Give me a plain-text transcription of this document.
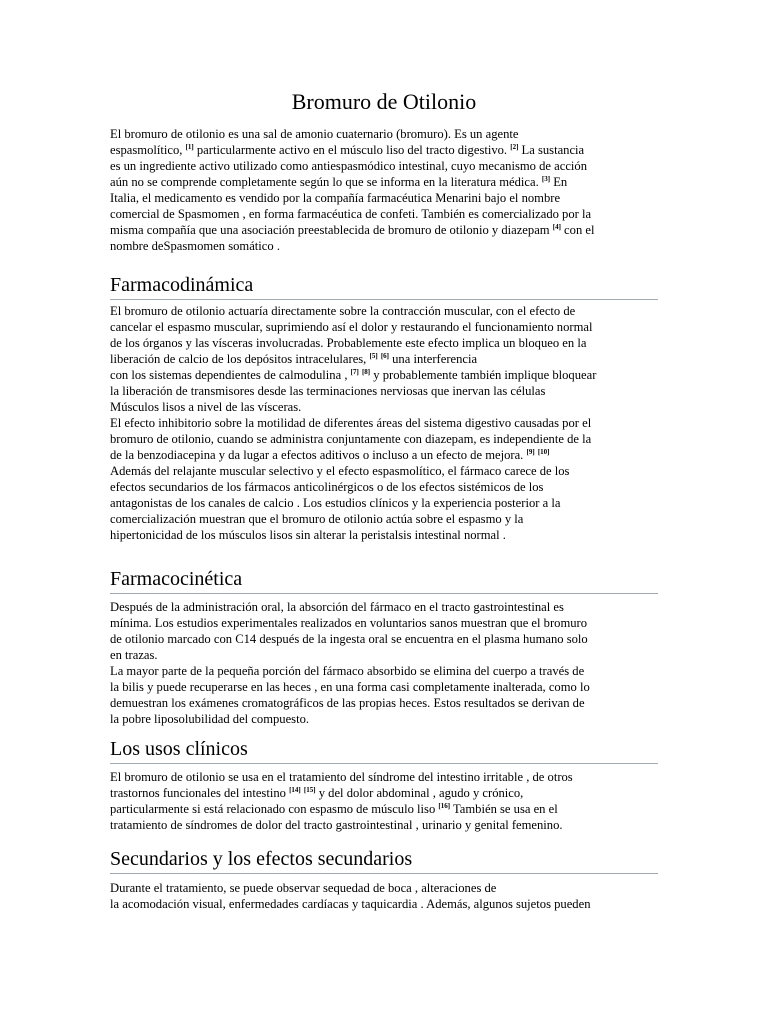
Bromuro de Otilonio

El bromuro de otilonio es una sal de amonio cuaternario (bromuro). Es un agente
espasmolítico, [1] particularmente activo en el músculo liso del tracto digestivo. [2] La sustancia
es un ingrediente activo utilizado como antiespasmódico intestinal, cuyo mecanismo de acción
aún no se comprende completamente según lo que se informa en la literatura médica. [3] En
Italia, el medicamento es vendido por la compañía farmacéutica Menarini bajo el nombre
comercial de Spasmomen , en forma farmacéutica de confeti. También es comercializado por la
misma compañía que una asociación preestablecida de bromuro de otilonio y diazepam [4] con el
nombre deSpasmomen somático .

Farmacodinámica

El bromuro de otilonio actuaría directamente sobre la contracción muscular, con el efecto de
cancelar el espasmo muscular, suprimiendo así el dolor y restaurando el funcionamiento normal
de los órganos y las vísceras involucradas. Probablemente este efecto implica un bloqueo en la
liberación de calcio de los depósitos intracelulares, [5] [6] una interferencia
con los sistemas dependientes de calmodulina , [7] [8] y probablemente también implique bloquear
la liberación de transmisores desde las terminaciones nerviosas que inervan las células
Músculos lisos a nivel de las vísceras.
El efecto inhibitorio sobre la motilidad de diferentes áreas del sistema digestivo causadas por el
bromuro de otilonio, cuando se administra conjuntamente con diazepam, es independiente de la
de la benzodiacepina y da lugar a efectos aditivos o incluso a un efecto de mejora. [9] [10]
Además del relajante muscular selectivo y el efecto espasmolítico, el fármaco carece de los
efectos secundarios de los fármacos anticolinérgicos o de los efectos sistémicos de los
antagonistas de los canales de calcio . Los estudios clínicos y la experiencia posterior a la
comercialización muestran que el bromuro de otilonio actúa sobre el espasmo y la
hipertonicidad de los músculos lisos sin alterar la peristalsis intestinal normal .

Farmacocinética

Después de la administración oral, la absorción del fármaco en el tracto gastrointestinal es
mínima. Los estudios experimentales realizados en voluntarios sanos muestran que el bromuro
de otilonio marcado con C14 después de la ingesta oral se encuentra en el plasma humano solo
en trazas.
La mayor parte de la pequeña porción del fármaco absorbido se elimina del cuerpo a través de
la bilis y puede recuperarse en las heces , en una forma casi completamente inalterada, como lo
demuestran los exámenes cromatográficos de las propias heces. Estos resultados se derivan de
la pobre liposolubilidad del compuesto.

Los usos clínicos

El bromuro de otilonio se usa en el tratamiento del síndrome del intestino irritable , de otros
trastornos funcionales del intestino [14] [15] y del dolor abdominal , agudo y crónico,
particularmente si está relacionado con espasmo de músculo liso [16] También se usa en el
tratamiento de síndromes de dolor del tracto gastrointestinal , urinario y genital femenino.

Secundarios y los efectos secundarios

Durante el tratamiento, se puede observar sequedad de boca , alteraciones de
la acomodación visual, enfermedades cardíacas y taquicardia . Además, algunos sujetos pueden
